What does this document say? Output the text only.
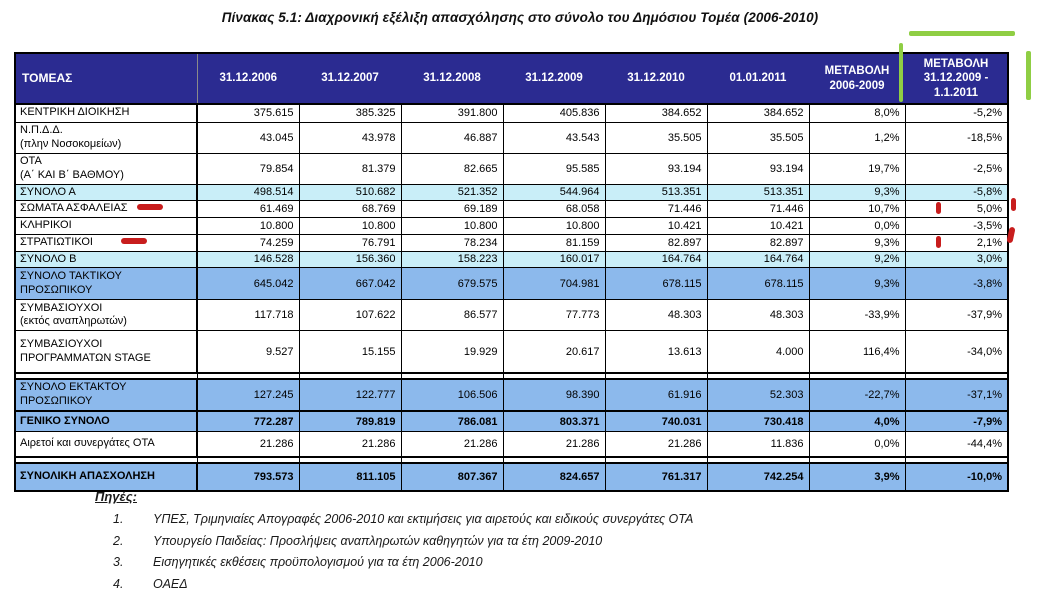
Πίνακας 5.1: Διαχρονική εξέλιξη απασχόλησης στο σύνολο του Δημόσιου Τομέα (2006-2010)
ΤΟΜΕΑΣ	31.12.2006	31.12.2007	31.12.2008	31.12.2009	31.12.2010	01.01.2011	ΜΕΤΑΒΟΛΗ 2006-2009	ΜΕΤΑΒΟΛΗ 31.12.2009 - 1.1.2011
ΚΕΝΤΡΙΚΗ ΔΙΟΙΚΗΣΗ	375.615	385.325	391.800	405.836	384.652	384.652	8,0%	-5,2%
Ν.Π.Δ.Δ.
(πλην Νοσοκομείων)	43.045	43.978	46.887	43.543	35.505	35.505	1,2%	-18,5%
ΟΤΑ
(Α΄ ΚΑΙ Β΄ ΒΑΘΜΟΥ)	79.854	81.379	82.665	95.585	93.194	93.194	19,7%	-2,5%
ΣΥΝΟΛΟ Α	498.514	510.682	521.352	544.964	513.351	513.351	9,3%	-5,8%
ΣΩΜΑΤΑ ΑΣΦΑΛΕΙΑΣ	61.469	68.769	69.189	68.058	71.446	71.446	10,7%	5,0%

ΚΛΗΡΙΚΟΙ	10.800	10.800	10.800	10.800	10.421	10.421	0,0%	-3,5%
ΣΤΡΑΤΙΩΤΙΚΟΙ	74.259	76.791	78.234	81.159	82.897	82.897	9,3%	2,1%

ΣΥΝΟΛΟ Β	146.528	156.360	158.223	160.017	164.764	164.764	9,2%	3,0%
ΣΥΝΟΛΟ ΤΑΚΤΙΚΟΥ
ΠΡΟΣΩΠΙΚΟΥ	645.042	667.042	679.575	704.981	678.115	678.115	9,3%	-3,8%
ΣΥΜΒΑΣΙΟΥΧΟΙ
(εκτός αναπληρωτών)	117.718	107.622	86.577	77.773	48.303	48.303	-33,9%	-37,9%
ΣΥΜΒΑΣΙΟΥΧΟΙ
ΠΡΟΓΡΑΜΜΑΤΩΝ STAGE	9.527	15.155	19.929	20.617	13.613	4.000	116,4%	-34,0%

ΣΥΝΟΛΟ ΕΚΤΑΚΤΟΥ
ΠΡΟΣΩΠΙΚΟΥ	127.245	122.777	106.506	98.390	61.916	52.303	-22,7%	-37,1%
ΓΕΝΙΚΟ ΣΥΝΟΛΟ	772.287	789.819	786.081	803.371	740.031	730.418	4,0%	-7,9%
Αιρετοί και συνεργάτες ΟΤΑ	21.286	21.286	21.286	21.286	21.286	11.836	0,0%	-44,4%

ΣΥΝΟΛΙΚΗ ΑΠΑΣΧΟΛΗΣΗ	793.573	811.105	807.367	824.657	761.317	742.254	3,9%	-10,0%
Πηγές:
1.	ΥΠΕΣ, Τριμηνιαίες Απογραφές 2006-2010 και εκτιμήσεις για αιρετούς και ειδικούς συνεργάτες ΟΤΑ
2.	Υπουργείο Παιδείας: Προσλήψεις αναπληρωτών καθηγητών για τα έτη 2009-2010
3.	Εισηγητικές εκθέσεις προϋπολογισμού για τα έτη 2006-2010
4.	ΟΑΕΔ
